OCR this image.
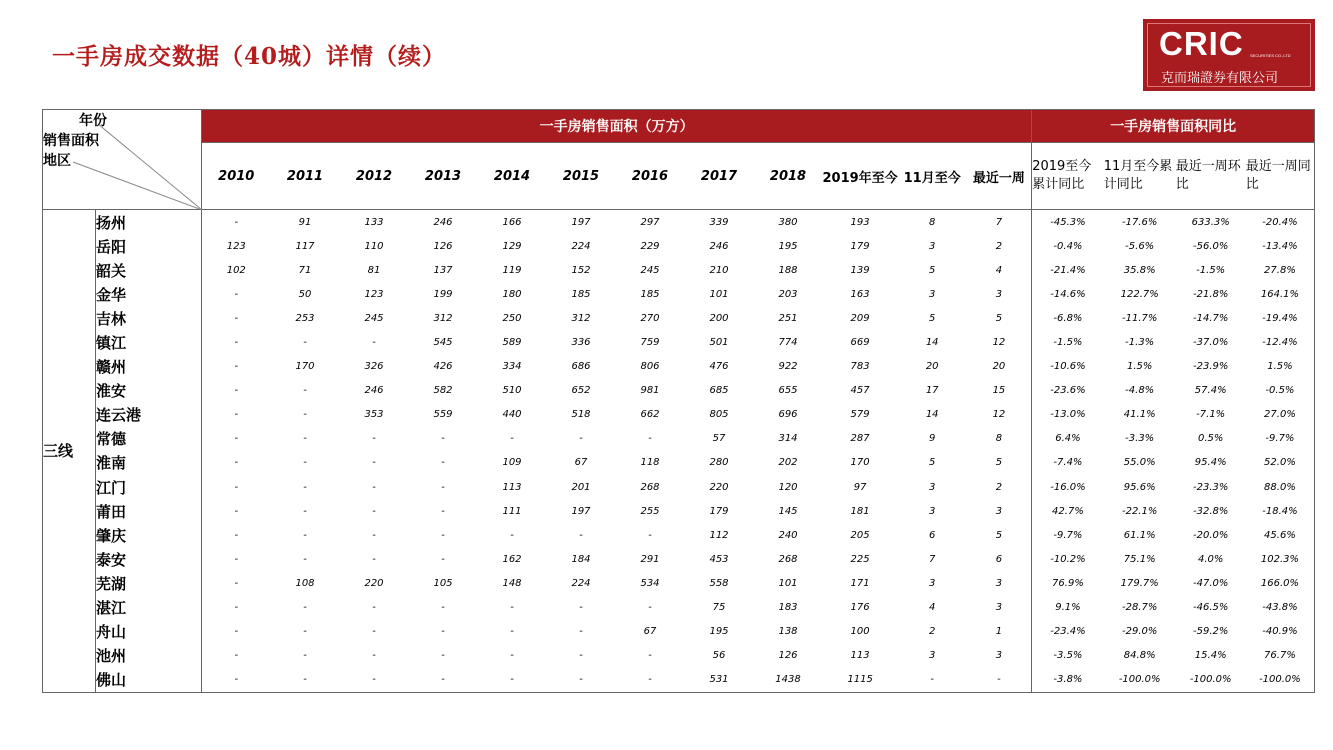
一手房成交数据（40城）详情（续）	CRIC SECURITIES CO.,LTD
克而瑞證券有限公司
年份
销售面积
地区		一手房销售面积（万方）												一手房销售面积同比			
		2010	2011	2012	2013	2014	2015	2016	2017	2018	2019年至今	11月至今	最近一周	2019至今累计同比	11月至今累计同比	最近一周环比	最近一周同比
三线	扬州	-	91	133	246	166	197	297	339	380	193	8	7	-45.3%	-17.6%	633.3%	-20.4%
	岳阳	123	117	110	126	129	224	229	246	195	179	3	2	-0.4%	-5.6%	-56.0%	-13.4%
	韶关	102	71	81	137	119	152	245	210	188	139	5	4	-21.4%	35.8%	-1.5%	27.8%
	金华	-	50	123	199	180	185	185	101	203	163	3	3	-14.6%	122.7%	-21.8%	164.1%
	吉林	-	253	245	312	250	312	270	200	251	209	5	5	-6.8%	-11.7%	-14.7%	-19.4%
	镇江	-	-	-	545	589	336	759	501	774	669	14	12	-1.5%	-1.3%	-37.0%	-12.4%
	赣州	-	170	326	426	334	686	806	476	922	783	20	20	-10.6%	1.5%	-23.9%	1.5%
	淮安	-	-	246	582	510	652	981	685	655	457	17	15	-23.6%	-4.8%	57.4%	-0.5%
	连云港	-	-	353	559	440	518	662	805	696	579	14	12	-13.0%	41.1%	-7.1%	27.0%
	常德	-	-	-	-	-	-	-	57	314	287	9	8	6.4%	-3.3%	0.5%	-9.7%
	淮南	-	-	-	-	109	67	118	280	202	170	5	5	-7.4%	55.0%	95.4%	52.0%
	江门	-	-	-	-	113	201	268	220	120	97	3	2	-16.0%	95.6%	-23.3%	88.0%
	莆田	-	-	-	-	111	197	255	179	145	181	3	3	42.7%	-22.1%	-32.8%	-18.4%
	肇庆	-	-	-	-	-	-	-	112	240	205	6	5	-9.7%	61.1%	-20.0%	45.6%
	泰安	-	-	-	-	162	184	291	453	268	225	7	6	-10.2%	75.1%	4.0%	102.3%
	芜湖	-	108	220	105	148	224	534	558	101	171	3	3	76.9%	179.7%	-47.0%	166.0%
	湛江	-	-	-	-	-	-	-	75	183	176	4	3	9.1%	-28.7%	-46.5%	-43.8%
	舟山	-	-	-	-	-	-	67	195	138	100	2	1	-23.4%	-29.0%	-59.2%	-40.9%
	池州	-	-	-	-	-	-	-	56	126	113	3	3	-3.5%	84.8%	15.4%	76.7%
	佛山	-	-	-	-	-	-	-	531	1438	1115	-	-	-3.8%	-100.0%	-100.0%	-100.0%
